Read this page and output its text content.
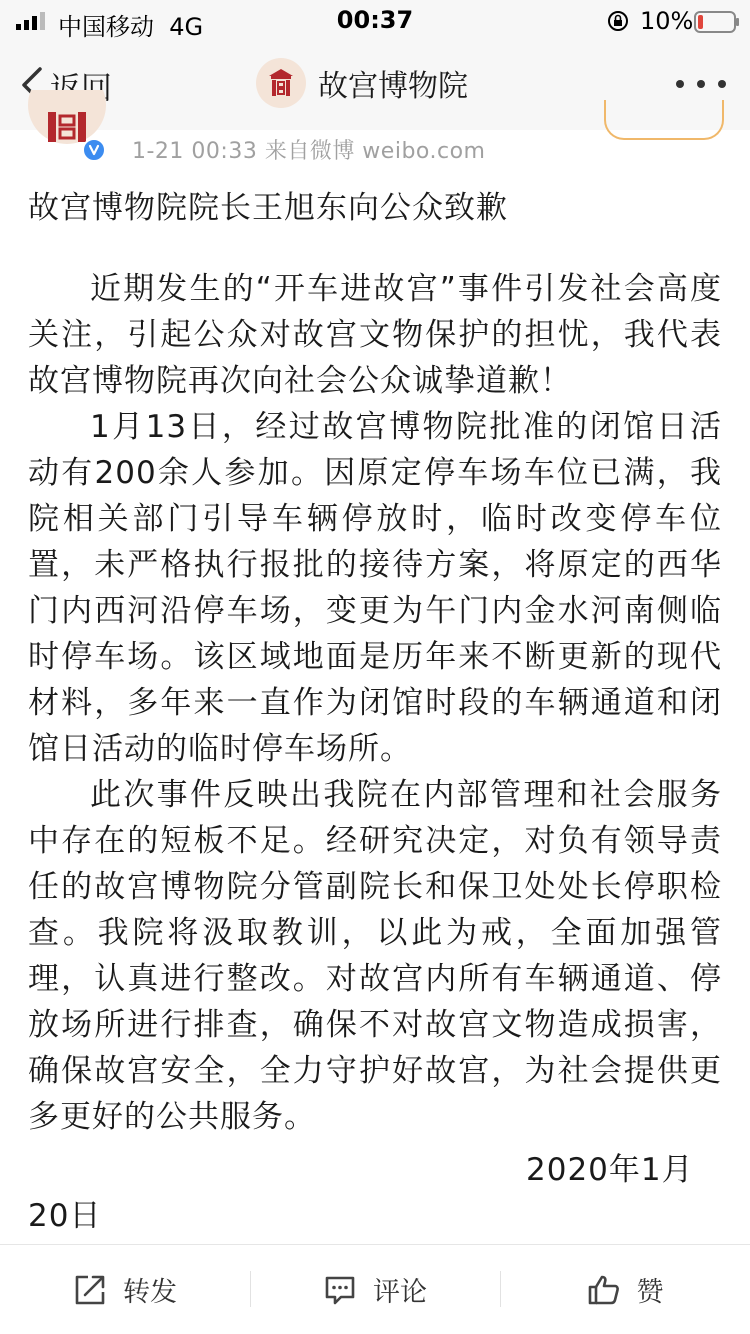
中国移动 4G	00:37	10%
返回	故宫博物院
1-21 00:33 来自微博 weibo.com
故宫博物院院长王旭东向公众致歉

近期发生的“开车进故宫”事件引发社会高度关注，引起公众对故宫文物保护的担忧，我代表故宫博物院再次向社会公众诚挚道歉！

1月13日，经过故宫博物院批准的闭馆日活动有200余人参加。因原定停车场车位已满，我院相关部门引导车辆停放时，临时改变停车位置，未严格执行报批的接待方案，将原定的西华门内西河沿停车场，变更为午门内金水河南侧临时停车场。该区域地面是历年来不断更新的现代材料，多年来一直作为闭馆时段的车辆通道和闭馆日活动的临时停车场所。

此次事件反映出我院在内部管理和社会服务中存在的短板不足。经研究决定，对负有领导责任的故宫博物院分管副院长和保卫处处长停职检查。我院将汲取教训，以此为戒，全面加强管理，认真进行整改。对故宫内所有车辆通道、停放场所进行排查，确保不对故宫文物造成损害，确保故宫安全，全力守护好故宫，为社会提供更多更好的公共服务。

2020年1月
20日
转发	评论	赞
